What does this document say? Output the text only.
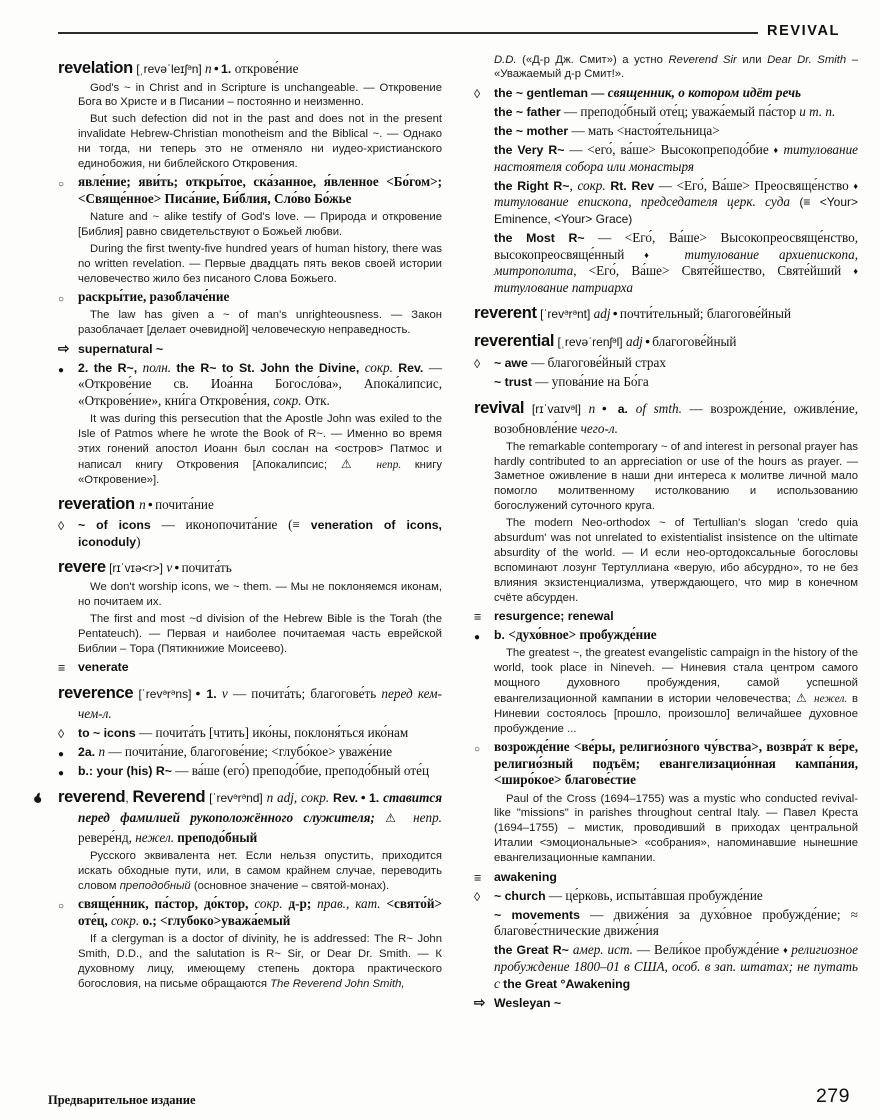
REVIVAL
revelation [ˌrevəˈleɪʃᵊn] n ● 1. открове́ние
God's ~ in Christ and in Scripture is unchangeable. — Откровение Бога во Христе и в Писании – постоянно и неизменно.
But such defection did not in the past and does not in the present invalidate Hebrew-Christian monotheism and the Biblical ~. — Однако ни тогда, ни теперь это не отменяло ни иудео-христианского единобожия, ни библейского Откровения.
○ явле́ние; яви́ть; откры́тое, ска́занное, я́вленное <Бо́гом>; <Свяще́нное> Писа́ние, Би́блия, Сло́во Бо́жье
Nature and ~ alike testify of God's love. — Природа и откровение [Библия] равно свидетельствуют о Божьей любви.
During the first twenty-five hundred years of human history, there was no written revelation. — Первые двадцать пять веков своей истории человечество жило без писаного Слова Божьего.
○ раскры́тие, разоблаче́ние
The law has given a ~ of man's unrighteousness. — Закон разоблачает [делает очевидной] человеческую неправедность.
⇨ supernatural ~
● 2. the R~, полн. the R~ to St. John the Divine, сокр. Rev. — «Открове́ние св. Иоа́нна Богосло́ва», Апока́липсис, «Открове́ние», кни́га Открове́ния, сокр. Отк.
It was during this persecution that the Apostle John was exiled to the Isle of Patmos where he wrote the Book of R~. — Именно во время этих гонений апостол Иоанн был сослан на <остров> Патмос и написал книгу Откровения [Апокалипсис; ⚠ непр. книгу «Откровение»].
reveration n ● почита́ние
◊ ~ of icons — иконопочита́ние (≡ veneration of icons, iconoduly)
revere [rɪˈvɪə<r>] v ● почита́ть
We don't worship icons, we ~ them. — Мы не поклоняемся иконам, но почитаем их.
The first and most ~d division of the Hebrew Bible is the Torah (the Pentateuch). — Первая и наиболее почитаемая часть еврейской Библии – Тора (Пятикнижие Моисеево).
≡ venerate
reverence [ˈrevᵊrᵊns] ● 1. v — почита́ть; благогове́ть перед кем-чем-л.
◊ to ~ icons — почита́ть [чтить] ико́ны, поклоня́ться ико́нам
● 2a. n — почита́ние, благогове́ние; <глубо́кое> уваже́ние
● b.: your (his) R~ — ва́ше (его́) преподо́бие, преподо́бный оте́ц
reverend, Reverend [ˈrevᵊrᵊnd] n adj, сокр. Rev. ● 1. ставится перед фамилией рукоположённого служителя; ⚠ непр. ревере́нд, нежел. преподо́бный
Русского эквивалента нет. Если нельзя опустить, приходится искать обходные пути, или, в самом крайнем случае, переводить словом преподобный (основное значение – святой-монах).
○ свяще́нник, па́стор, до́ктор, сокр. д-р; прав., кат. <свято́й> оте́ц, сокр. о.; <глубоко>уважа́емый
If a clergyman is a doctor of divinity, he is addressed: The R~ John Smith, D.D., and the salutation is R~ Sir, or Dear Dr. Smith. — К духовному лицу, имеющему степень доктора практического богословия, на письме обращаются The Reverend John Smith,
D.D. («Д-р Дж. Смит») а устно Reverend Sir или Dear Dr. Smith – «Уважаемый д-р Смит!».
◊ the ~ gentleman — священник, о котором идёт речь
the ~ father — преподо́бный оте́ц; уважа́емый па́стор и т. п.
the ~ mother — мать <настоя́тельница>
the Very R~ — <его́, ва́ше> Высокопреподо́бие ♦ титулование настоятеля собора или монастыря
the Right R~, сокр. Rt. Rev — <Его́, Ва́ше> Преосвяще́нство ♦ титулование епископа, председателя церк. суда (≡ <Your> Eminence, <Your> Grace)
the Most R~ — <Его́, Ва́ше> Высокопреосвяще́нство, высокопреосвяще́нный ♦ титулование архиепископа, митрополита, <Его́, Ва́ше> Святе́йшество, Святе́йший ♦ титулование патриарха
reverent [ˈrevᵊrᵊnt] adj ● почти́тельный; благогове́йный
reverential [ˌrevəˈrenʃᵊl] adj ● благогове́йный
◊ ~ awe — благогове́йный страх
~ trust — упова́ние на Бо́га
revival [rɪˈvaɪvᵊl] n ● a. of smth. — возрожде́ние, оживле́ние, возобновле́ние чего-л.
The remarkable contemporary ~ of and interest in personal prayer has hardly contributed to an appreciation or use of the hours as prayer. — Заметное оживление в наши дни интереса к молитве личной мало помогло молитвенному истолкованию и использованию богослужений суточного круга.
The modern Neo-orthodox ~ of Tertullian's slogan 'credo quia absurdum' was not unrelated to existentialist insistence on the ultimate absurdity of the world. — И если нео-ортодоксальные богословы вспоминают лозунг Тертуллиана «верую, ибо абсурдно», то не без влияния экзистенциализма, утверждающего, что мир в конечном счёте абсурден.
≡ resurgence; renewal
● b. <духо́вное> пробужде́ние
The greatest ~, the greatest evangelistic campaign in the history of the world, took place in Nineveh. — Ниневия стала центром самого мощного духовного пробуждения, самой успешной евангелизационной кампании в истории человечества; ⚠ нежел. в Ниневии состоялось [прошло, произошло] величайшее духовное пробуждение ...
○ возрожде́ние <ве́ры, религио́зного чу́вства>, возвра́т к ве́ре, религио́зный подъём; евангелизацио́нная кампа́ния, <широ́кое> благове́стие
Paul of the Cross (1694–1755) was a mystic who conducted revival-like "missions" in parishes throughout central Italy. — Павел Креста (1694–1755) – мистик, проводивший в приходах центральной Италии <эмоциональные> «собрания», напоминавшие нынешние евангелизационные кампании.
≡ awakening
◊ ~ church — це́рковь, испыта́вшая пробужде́ние
~ movements — движе́ния за духо́вное пробужде́ние; ≈ благове́стнические движе́ния
the Great R~ амер. ист. — Вели́кое пробужде́ние ♦ религиозное пробуждение 1800–01 в США, особ. в зап. штатах; не путать с the Great °Awakening
⇨ Wesleyan ~
Предварительное издание	279
